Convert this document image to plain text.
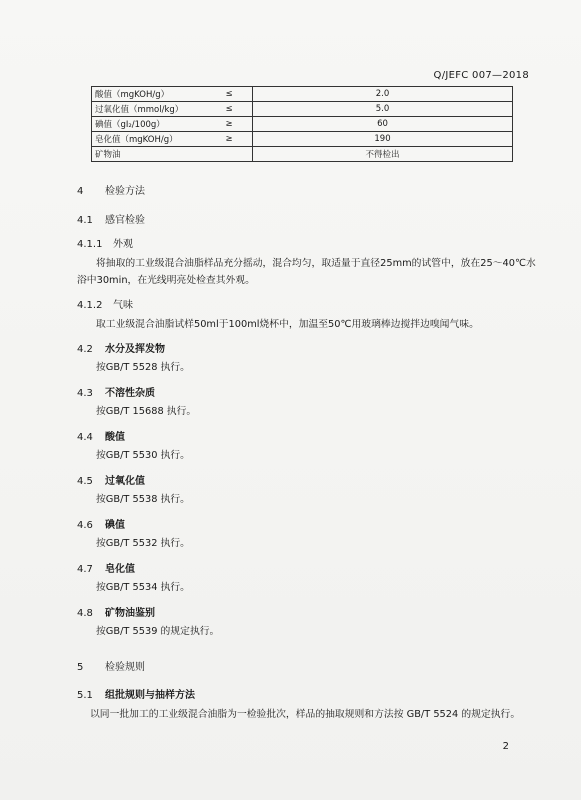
Q/JEFC 007—2018
酸值（mgKOH/g）	≤	2.0
过氧化值（mmol/kg）	≤	5.0
碘值（gI₂/100g）	≥	60
皂化值（mgKOH/g）	≥	190
矿物油		不得检出
4 检验方法
4.1 感官检验
4.1.1 外观
将抽取的工业级混合油脂样品充分摇动，混合均匀，取适量于直径25mm的试管中，放在25～40℃水
浴中30min，在光线明亮处检查其外观。
4.1.2 气味
取工业级混合油脂试样50ml于100ml烧杯中，加温至50℃用玻璃棒边搅拌边嗅闻气味。
4.2 水分及挥发物
按GB/T 5528 执行。
4.3 不溶性杂质
按GB/T 15688 执行。
4.4 酸值
按GB/T 5530 执行。
4.5 过氧化值
按GB/T 5538 执行。
4.6 碘值
按GB/T 5532 执行。
4.7 皂化值
按GB/T 5534 执行。
4.8 矿物油鉴别
按GB/T 5539 的规定执行。
5 检验规则
5.1 组批规则与抽样方法
以同一批加工的工业级混合油脂为一检验批次，样品的抽取规则和方法按 GB/T 5524 的规定执行。
2
